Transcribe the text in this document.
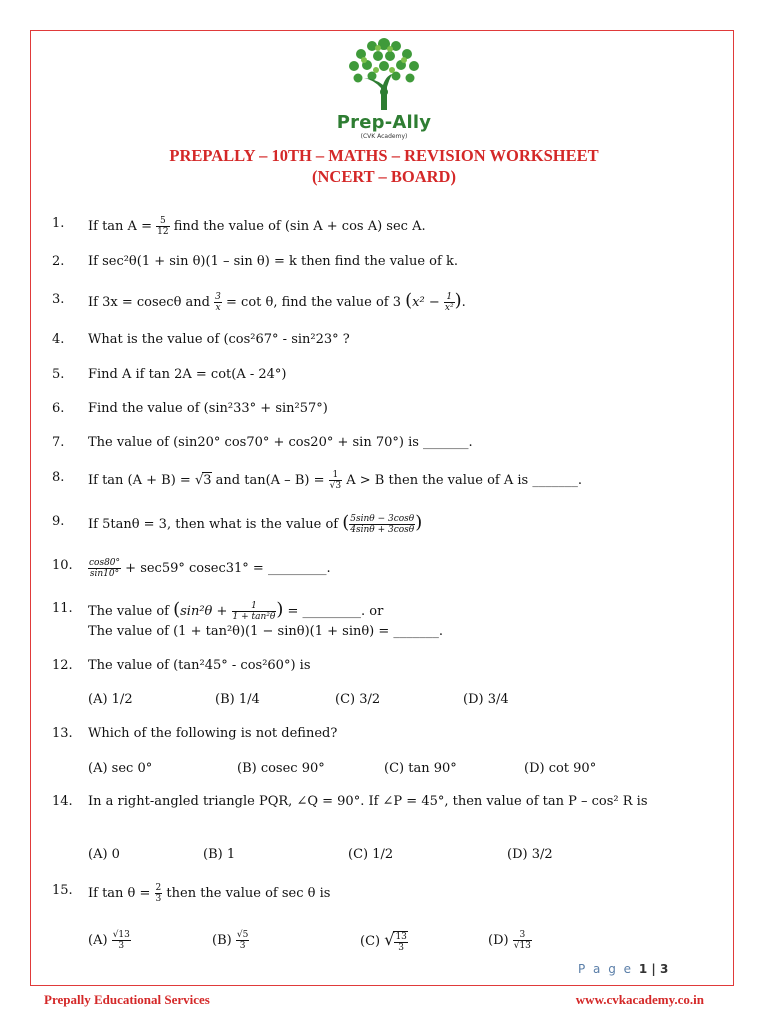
Prep-Ally
(CVK Academy)
PREPALLY – 10TH – MATHS – REVISION WORKSHEET
(NCERT – BOARD)
1. If $\tan A = \frac{5}{12}$ find the value of (sin A + cos A) sec A.
2. If sec²θ(1 + sin θ)(1 – sin θ) = k then find the value of k.
3. If 3x = cosecθ and $\frac{3}{x} = \cot \theta$, find the value of 3 ($x^2 - \frac{1}{\text{x²}}$ ).
4. What is the value of (cos²67° - sin²23° ?
5. Find A if tan 2A = cot(A - 24°)
6. Find the value of (sin²33° + sin²57°)
7. The value of (sin20° cos70° + cos20° + sin 70°) is _______.
8. If tan (A + B) = √3 and $\tan(A - B) = \frac{1}{√3}$ A > B then the value of A is _______.
9. If 5tanθ = 3, then what is the value of ( $\frac{5\sin\theta - 3\cos\theta}{4\sin\theta + 3\cos\theta}$ )
10. $\frac{\cos 80^\circ}{\sin 10^\circ} + \sec 59^\circ$ cosec31° = _________.
11. The value of ($\sin^2\theta + \frac{1}{\text{1 + tan²θ}}$ ) = _________. or
The value of (1 + tan²θ)(1 − sinθ)(1 + sinθ) = _______.
12. The value of (tan²45° - cos²60°) is
(A) 1/2	(B) 1/4	(C) 3/2	(D) 3/4
13. Which of the following is not defined?
(A) sec 0°	(B) cosec 90°	(C) tan 90°	(D) cot 90°
14. In a right-angled triangle PQR, ∠Q = 90°. If ∠P = 45°, then value of tan P – cos² R is
(A) 0	(B) 1	(C) 1/2	(D) 3/2
15. If $\tan \theta = \frac{2}{3}$ then the value of sec θ is
$(A) \frac{√13}{3}$	$(B) \frac{√5}{3}$	(C) √ $\frac{13}{3}$	$(D) \frac{3}{√13}$
P a g e 1 | 3
Prepally Educational Services	www.cvkacademy.co.in
